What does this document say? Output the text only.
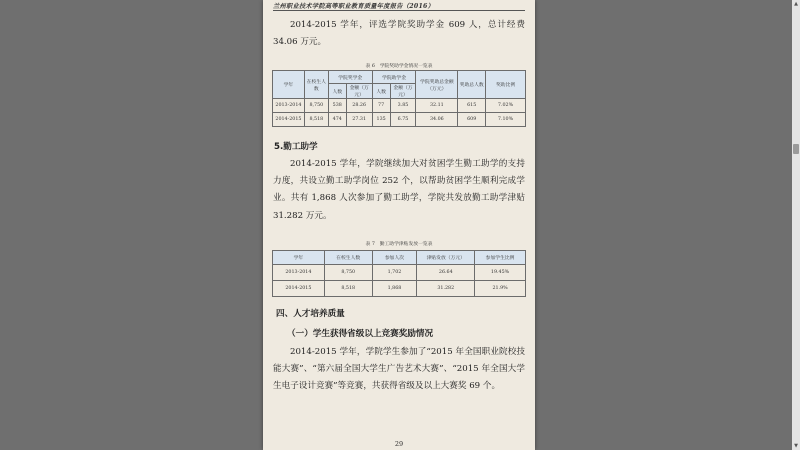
兰州职业技术学院高等职业教育质量年度报告（2016）
2014-2015 学年，评选学院奖助学金 609 人，总计经费 34.06 万元。
表 6　学院奖助学金情况一览表
学年	在校生人数	学院奖学金		学院助学金		学院奖助总金额（万元）	奖助总人数	奖助比例
		人数	金额（万元）	人数	金额（万元）			
2013-2014	8,750	538	28.26	77	3.85	32.11	615	7.02%
2014-2015	8,518	474	27.31	135	6.75	34.06	609	7.10%
5.勤工助学
2014-2015 学年，学院继续加大对贫困学生勤工助学的支持力度，共设立勤工助学岗位 252 个，以帮助贫困学生顺利完成学业。共有 1,868 人次参加了勤工助学，学院共发放勤工助学津贴 31.282 万元。
表 7　勤工助学津贴发放一览表
学年	在校生人数	参加人次	津贴发放（万元）	参加学生比例
2013-2014	8,750	1,702	26.64	19.45%
2014-2015	8,518	1,868	31.282	21.9%
四、人才培养质量
（一）学生获得省级以上竞赛奖励情况
2014-2015 学年，学院学生参加了“2015 年全国职业院校技能大赛”、“第六届全国大学生广告艺术大赛”、“2015 年全国大学生电子设计竞赛”等竞赛，共获得省级及以上大赛奖 69 个。
29
▲
▼
